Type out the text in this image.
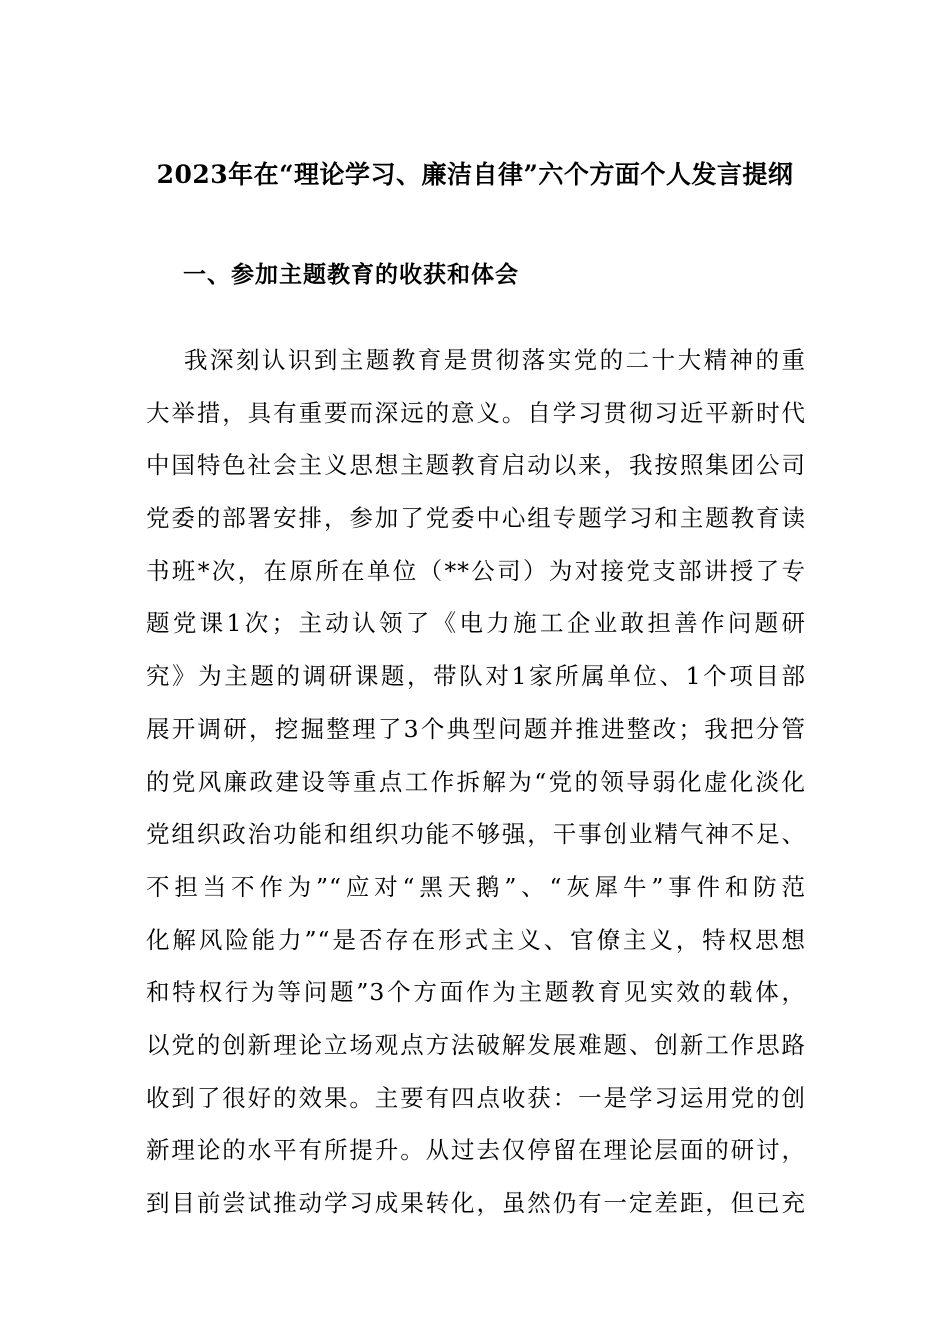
2023年在“理论学习、廉洁自律”六个方面个人发言提纲
一、参加主题教育的收获和体会
我深刻认识到主题教育是贯彻落实党的二十大精神的重
大举措，具有重要而深远的意义。自学习贯彻习近平新时代
中国特色社会主义思想主题教育启动以来，我按照集团公司
党委的部署安排，参加了党委中心组专题学习和主题教育读
书班*次，在原所在单位（**公司）为对接党支部讲授了专
题党课1次；主动认领了《电力施工企业敢担善作问题研
究》为主题的调研课题，带队对1家所属单位、1个项目部
展开调研，挖掘整理了3个典型问题并推进整改；我把分管
的党风廉政建设等重点工作拆解为“党的领导弱化虚化淡化
党组织政治功能和组织功能不够强，干事创业精气神不足、
不担当不作为”“应对“黑天鹅”、“灰犀牛”事件和防范
化解风险能力”“是否存在形式主义、官僚主义，特权思想
和特权行为等问题”3个方面作为主题教育见实效的载体，
以党的创新理论立场观点方法破解发展难题、创新工作思路
收到了很好的效果。主要有四点收获：一是学习运用党的创
新理论的水平有所提升。从过去仅停留在理论层面的研讨，
到目前尝试推动学习成果转化，虽然仍有一定差距，但已充
